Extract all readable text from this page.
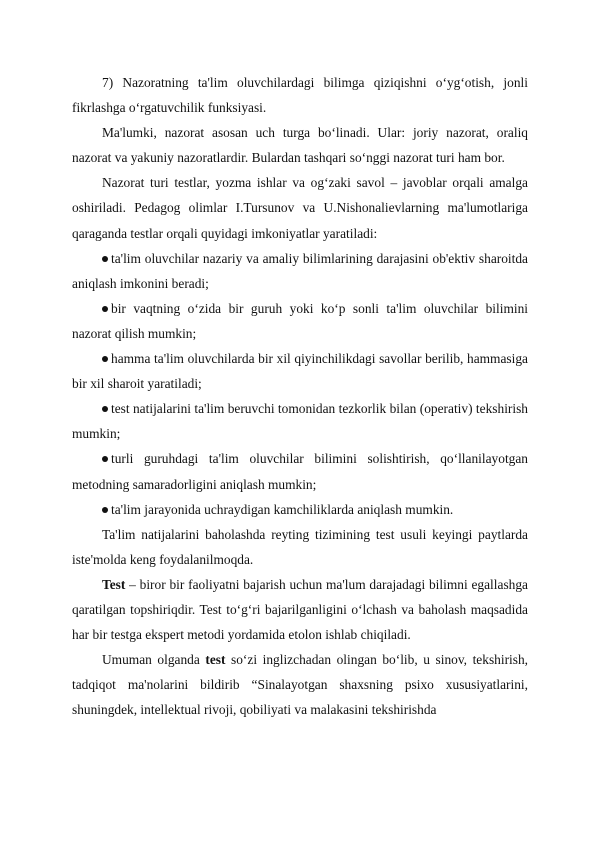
7) Nazoratning ta'lim oluvchilardagi bilimga qiziqishni o‘yg‘otish, jonli fikrlashga o‘rgatuvchilik funksiyasi.

Ma'lumki, nazorat asosan uch turga bo‘linadi. Ular: joriy nazorat, oraliq nazorat va yakuniy nazoratlardir. Bulardan tashqari so‘nggi nazorat turi ham bor.

Nazorat turi testlar, yozma ishlar va og‘zaki savol – javoblar orqali amalga oshiriladi. Pedagog olimlar I.Tursunov va U.Nishonalievlarning ma'lumotlariga qaraganda testlar orqali quyidagi imkoniyatlar yaratiladi:

ta'lim oluvchilar nazariy va amaliy bilimlarining darajasini ob'ektiv sharoitda aniqlash imkonini beradi;

bir vaqtning o‘zida bir guruh yoki ko‘p sonli ta'lim oluvchilar bilimini nazorat qilish mumkin;

hamma ta'lim oluvchilarda bir xil qiyinchilikdagi savollar berilib, hammasiga bir xil sharoit yaratiladi;

test natijalarini ta'lim beruvchi tomonidan tezkorlik bilan (operativ) tekshirish mumkin;

turli guruhdagi ta'lim oluvchilar bilimini solishtirish, qo‘llanilayotgan metodning samaradorligini aniqlash mumkin;

ta'lim jarayonida uchraydigan kamchiliklarda aniqlash mumkin.

Ta'lim natijalarini baholashda reyting tizimining test usuli keyingi paytlarda iste'molda keng foydalanilmoqda.

Test – biror bir faoliyatni bajarish uchun ma'lum darajadagi bilimni egallashga qaratilgan topshiriqdir. Test to‘g‘ri bajarilganligini o‘lchash va baholash maqsadida har bir testga ekspert metodi yordamida etolon ishlab chiqiladi.

Umuman olganda test so‘zi inglizchadan olingan bo‘lib, u sinov, tekshirish, tadqiqot ma'nolarini bildirib “Sinalayotgan shaxsning psixo xususiyatlarini, shuningdek, intellektual rivoji, qobiliyati va malakasini tekshirishda
